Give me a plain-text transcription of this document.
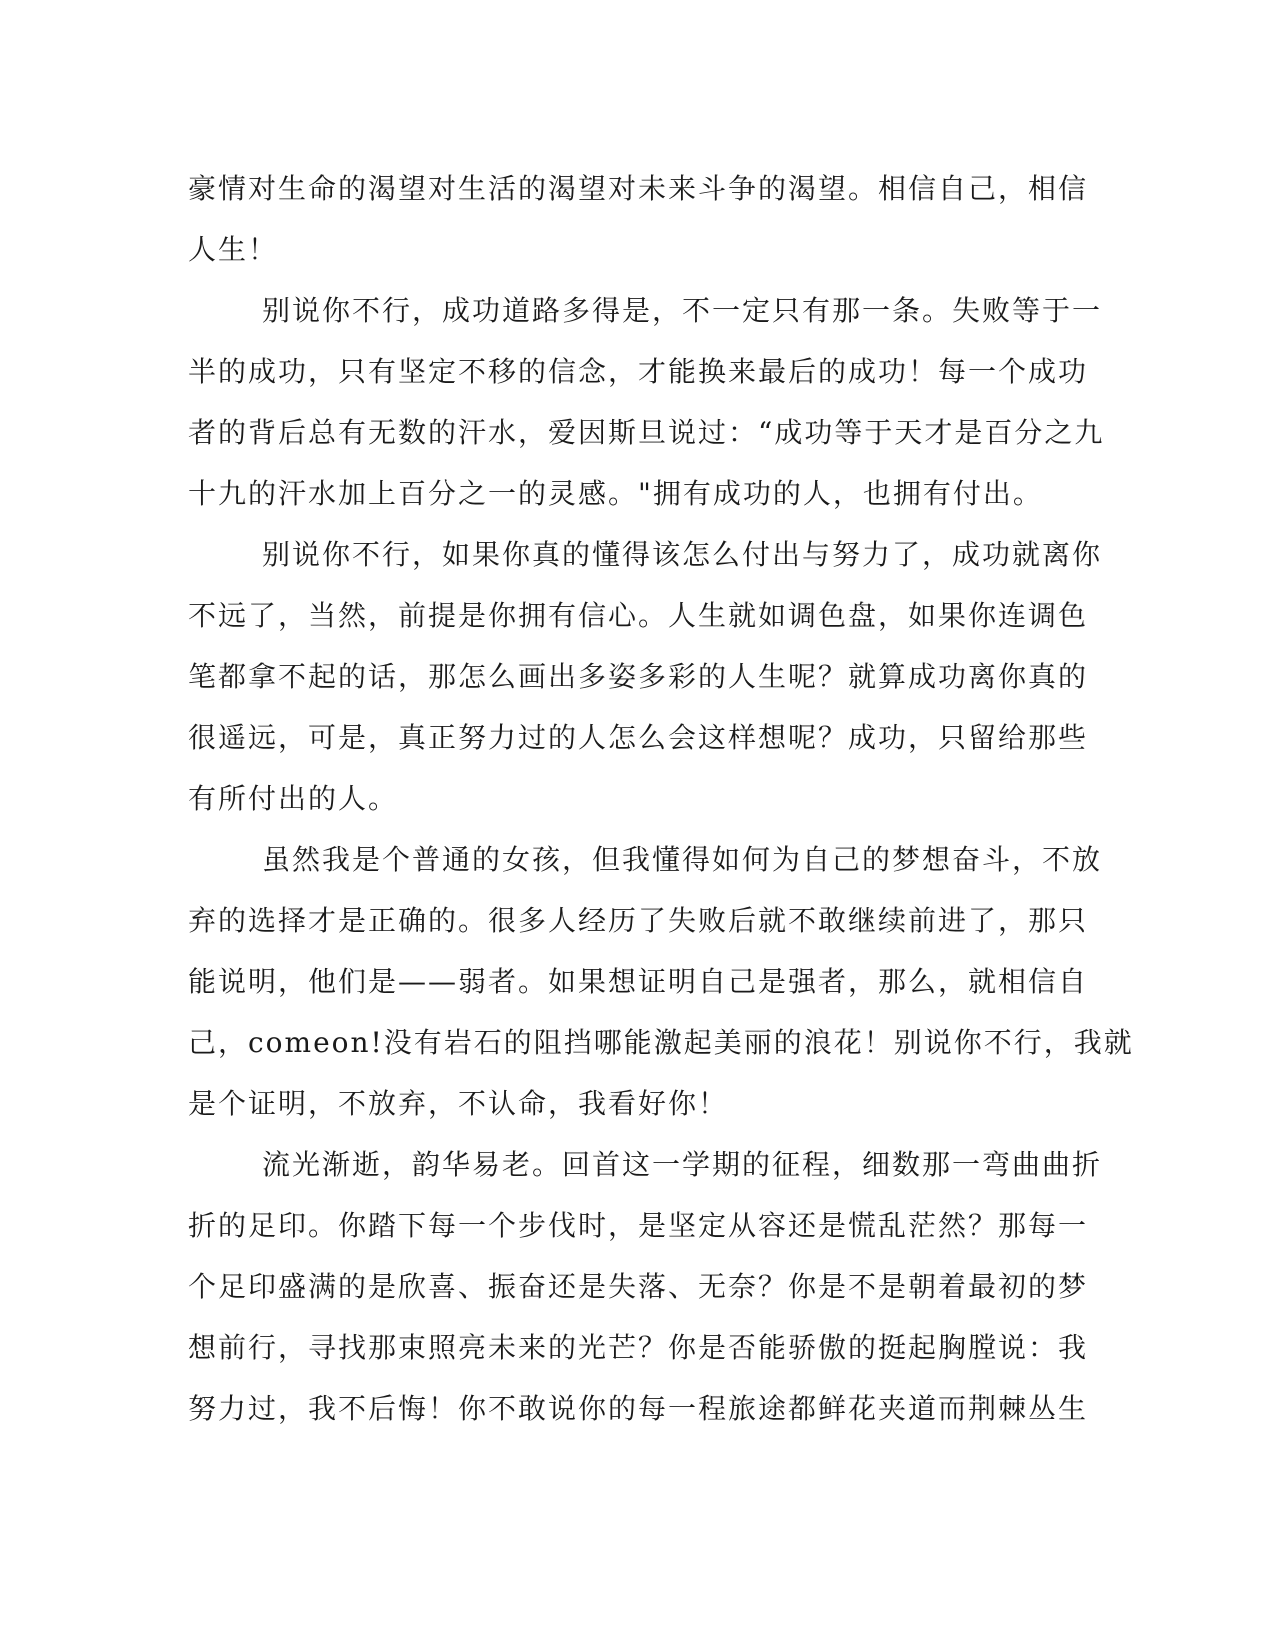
豪情对生命的渴望对生活的渴望对未来斗争的渴望。相信自己，相信
人生！
别说你不行，成功道路多得是，不一定只有那一条。失败等于一
半的成功，只有坚定不移的信念，才能换来最后的成功！每一个成功
者的背后总有无数的汗水，爱因斯旦说过：“成功等于天才是百分之九
十九的汗水加上百分之一的灵感。"拥有成功的人，也拥有付出。
别说你不行，如果你真的懂得该怎么付出与努力了，成功就离你
不远了，当然，前提是你拥有信心。人生就如调色盘，如果你连调色
笔都拿不起的话，那怎么画出多姿多彩的人生呢？就算成功离你真的
很遥远，可是，真正努力过的人怎么会这样想呢？成功，只留给那些
有所付出的人。
虽然我是个普通的女孩，但我懂得如何为自己的梦想奋斗，不放
弃的选择才是正确的。很多人经历了失败后就不敢继续前进了，那只
能说明，他们是——弱者。如果想证明自己是强者，那么，就相信自
己，comeon!没有岩石的阻挡哪能激起美丽的浪花！别说你不行，我就
是个证明，不放弃，不认命，我看好你！
流光渐逝，韵华易老。回首这一学期的征程，细数那一弯曲曲折
折的足印。你踏下每一个步伐时，是坚定从容还是慌乱茫然？那每一
个足印盛满的是欣喜、振奋还是失落、无奈？你是不是朝着最初的梦
想前行，寻找那束照亮未来的光芒？你是否能骄傲的挺起胸膛说：我
努力过，我不后悔！你不敢说你的每一程旅途都鲜花夹道而荆棘丛生
